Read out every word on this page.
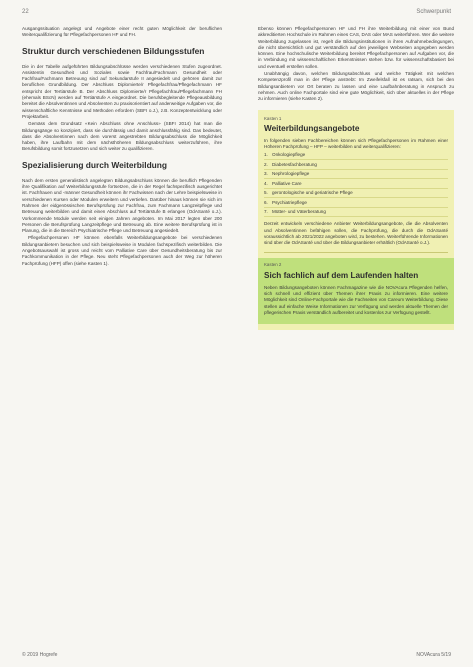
22	Schwerpunkt

Ausgangssituation angelegt und Angebote einer recht guten Möglichkeit der beruflichen Weiterqualifizierung für Pflegefachpersonen HF und FH.

Struktur durch verschiedenen Bildungsstufen

Die in der Tabelle aufgeführten Bildungsabschlüsse werden verschiedenen Stufen zugeordnet. Assistentin Gesundheit und Soziales sowie Fachfrau/Fachmann Gesundheit oder Fachfrau/Fachmann Betreuung sind auf Sekundarstufe II angesiedelt und gehören damit zur beruflichen Grundbildung. Der Abschluss Diplomierte/r Pflegefachfrau/Pflegefachmann HF entspricht der Tertiärstufe B. Der Abschluss Diplomierte/r Pflegefachfrau/Pflegefachmann FH (ehemals BScN) werden auf Tertiärstufe A eingeordnet. Die berufsbegleitende Pflegeausbildung bereitet die Absolventinnen und Absolventen zu praxisorientiert auf anderweitige Aufgaben vor, die wissenschaftliche Kenntnisse und Methoden erfordern (SBFI o.J.), z.B. Konzeptentwicklung oder Projektarbeit.

Gemäss dem Grundsatz «Kein Abschluss ohne Anschluss» (SBFI 2014) hat man die Bildungsgänge so konzipiert, dass sie durchlässig und damit anschlussfähig sind. Das bedeutet, dass die Absolventinnen nach dem vorerst angestrebten Bildungsabschluss die Möglichkeit haben, ihre Laufbahn mit dem nächsthöheren Bildungsabschluss weiterzuführen, ihre Berufsbildung somit fortzusetzen und sich weiter zu qualifizieren.

Spezialisierung durch Weiterbildung

Nach dem ersten generalistisch angelegten Bildungsabschluss können die beruflich Pflegenden ihre Qualifikation auf Weiterbildungsstufe fortsetzen, die in der Regel fachspezifisch ausgerichtet ist. Fachfrauen und -männer Gesundheit können ihr Fachwissen nach der Lehre beispielsweise in verschiedenen Kursen oder Modulen erweitern und vertiefen. Darüber hinaus können sie sich im Rahmen der eidgenössischen Berufsprüfung zur Fachfrau, zum Fachmann Langzeitpflege und Betreuung weiterbilden und damit einen Abschluss auf Tertiärstufe B erlangen (OdASanté o.J.). Vorkommende Module werden seit einigen Jahren angeboten. Im Mai 2017 legten über 200 Personen die Berufsprüfung Langzeitpflege und Betreuung ab. Eine weitere Berufsprüfung ist in Planung, die in die Bereich Psychiatrische Pflege und Betreuung angesiedelt.

Pflegefachpersonen HF können ebenfalls Weiterbildungsangebote bei verschiedenen Bildungsanbietern besuchen und sich beispielsweise in Modulen fachspezifisch weiterbilden. Die Angebotsauswahl ist gross und reicht vom Palliative Care über Gesundheitsberatung bis zur Fachkommunikation in der Pflege. Neu steht Pflegefachpersonen auch der Weg zur höheren Fachprüfung (HFP) offen (siehe Kasten 1).

Ebenso können Pflegefachpersonen HF und FH ihre Weiterbildung mit einer von Bund akkreditierten Hochschule im Rahmen eines CAS, DAS oder MAS weiterführen. Wer die weitere Weiterbildung zugelassen ist, regelt die Bildungsinstitutionen in ihren Aufnahmebedingungen, die nicht übersichtlich und gut verständlich auf den jeweiligen Webseiten angegeben werden können. Eine hochschulische Weiterbildung bereitet Pflegefachpersonen auf Aufgaben vor, die in Verbindung mit wissenschaftlichen Erkenntnissen stehen bzw. für wissenschaftsbasiert bei und eventuell erstellen sollen.

Unabhängig davon, welchen Bildungsabschluss und welche Tätigkeit mit welchen Kompetenzprofil man in der Pflege anstrebt: Im Zweifelsfall ist es ratsam, sich bei den Bildungsanbietern vor Ort beraten zu lassen und eine Laufbahnberatung in Anspruch zu nehmen. Auch online Fachportale sind eine gute Möglichkeit, sich über aktuelles in der Pflege zu informieren (siehe Kasten 2).

Kasten 1
Weiterbildungsangebote

In folgenden sieben Fachbereichen können sich Pflegefachpersonen im Rahmen einer Höheren Fachprüfung – HFP – weiterbilden und weiterqualifizieren:

1. Onkologiepflege
2. Diabetesfachberatung
3. Nephrologiepflege
4. Palliative Care
5. gerontologische und geriatrische Pflege
6. Psychiatriepflege
7. Mütter- und Väterberatung

Derzeit entwickeln verschiedene Anbieter Weiterbildungsangebote, die die Absolventen und Absolventinnen befähigen sollen, die Fachprüfung, die durch die OdASanté voraussichtlich ab 2021/2022 angeboten wird, zu bestehen. Weiterführende Informationen sind über die OdASanté und über die Bildungsanbieter erhältlich (OdASanté o.J.).

Kasten 2
Sich fachlich auf dem Laufenden halten

Neben Bildungsangeboten können Fachmagazine wie die NOVAcura Pflegenden helfen, sich schnell und effizient über Themen ihrer Praxis zu informieren. Eine weitere Möglichkeit sind Online-Fachportale wie die Fachseiten von Careum Weiterbildung. Diese stellen auf einfache Weise Informationen zur Verfügung und werden aktuelle Themen der pflegerischen Praxis verständlich aufbereitet und kostenlos zur Verfügung gestellt.

© 2019 Hogrefe	NOVAcura 5/19
